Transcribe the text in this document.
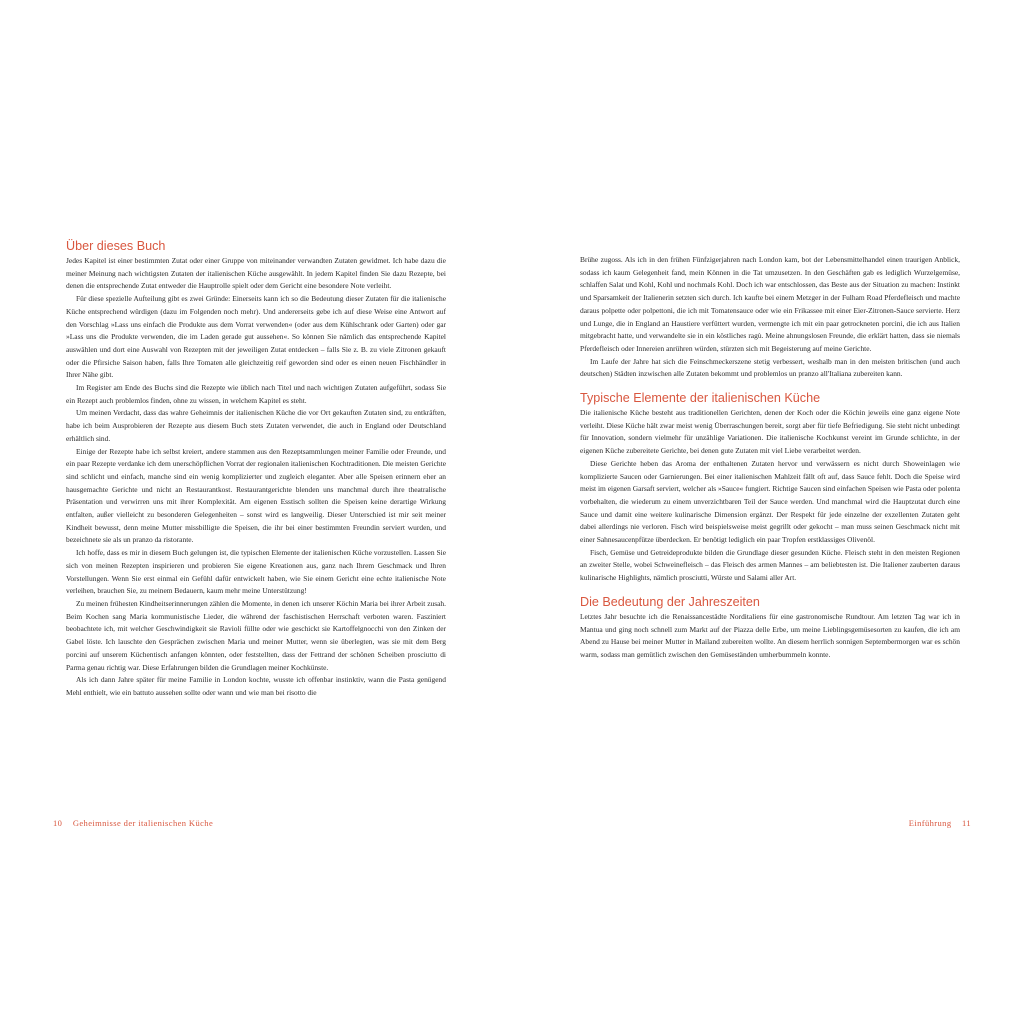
Über dieses Buch

Jedes Kapitel ist einer bestimmten Zutat oder einer Gruppe von miteinander verwandten Zutaten gewidmet. Ich habe dazu die meiner Meinung nach wichtigsten Zutaten der italienischen Küche ausgewählt. In jedem Kapitel finden Sie dazu Rezepte, bei denen die entsprechende Zutat entweder die Hauptrolle spielt oder dem Gericht eine besondere Note verleiht.

Für diese spezielle Aufteilung gibt es zwei Gründe: Einerseits kann ich so die Bedeutung dieser Zutaten für die italienische Küche entsprechend würdigen (dazu im Folgenden noch mehr). Und andererseits gebe ich auf diese Weise eine Antwort auf den Vorschlag »Lass uns einfach die Produkte aus dem Vorrat verwenden« (oder aus dem Kühlschrank oder Garten) oder gar »Lass uns die Produkte verwenden, die im Laden gerade gut aussehen«. So können Sie nämlich das entsprechende Kapitel auswählen und dort eine Auswahl von Rezepten mit der jeweiligen Zutat entdecken – falls Sie z. B. zu viele Zitronen gekauft oder die Pfirsiche Saison haben, falls Ihre Tomaten alle gleichzeitig reif geworden sind oder es einen neuen Fischhändler in Ihrer Nähe gibt.

Im Register am Ende des Buchs sind die Rezepte wie üblich nach Titel und nach wichtigen Zutaten aufgeführt, sodass Sie ein Rezept auch problemlos finden, ohne zu wissen, in welchem Kapitel es steht.

Um meinen Verdacht, dass das wahre Geheimnis der italienischen Küche die vor Ort gekauften Zutaten sind, zu entkräften, habe ich beim Ausprobieren der Rezepte aus diesem Buch stets Zutaten verwendet, die auch in England oder Deutschland erhältlich sind.

Einige der Rezepte habe ich selbst kreiert, andere stammen aus den Rezeptsammlungen meiner Familie oder Freunde, und ein paar Rezepte verdanke ich dem unerschöpflichen Vorrat der regionalen italienischen Kochtraditionen. Die meisten Gerichte sind schlicht und einfach, manche sind ein wenig komplizierter und zugleich eleganter. Aber alle Speisen erinnern eher an hausgemachte Gerichte und nicht an Restaurantkost. Restaurantgerichte blenden uns manchmal durch ihre theatralische Präsentation und verwirren uns mit ihrer Komplexität. Am eigenen Esstisch sollten die Speisen keine derartige Wirkung entfalten, außer vielleicht zu besonderen Gelegenheiten – sonst wird es langweilig. Dieser Unterschied ist mir seit meiner Kindheit bewusst, denn meine Mutter missbilligte die Speisen, die ihr bei einer bestimmten Freundin serviert wurden, und bezeichnete sie als un pranzo da ristorante.

Ich hoffe, dass es mir in diesem Buch gelungen ist, die typischen Elemente der italienischen Küche vorzustellen. Lassen Sie sich von meinen Rezepten inspirieren und probieren Sie eigene Kreationen aus, ganz nach Ihrem Geschmack und Ihren Vorstellungen. Wenn Sie erst einmal ein Gefühl dafür entwickelt haben, wie Sie einem Gericht eine echte italienische Note verleihen, brauchen Sie, zu meinem Bedauern, kaum mehr meine Unterstützung!

Zu meinen frühesten Kindheitserinnerungen zählen die Momente, in denen ich unserer Köchin Maria bei ihrer Arbeit zusah. Beim Kochen sang Maria kommunistische Lieder, die während der faschistischen Herrschaft verboten waren. Fasziniert beobachtete ich, mit welcher Geschwindigkeit sie Ravioli füllte oder wie geschickt sie Kartoffelgnocchi von den Zinken der Gabel löste. Ich lauschte den Gesprächen zwischen Maria und meiner Mutter, wenn sie überlegten, was sie mit dem Berg porcini auf unserem Küchentisch anfangen könnten, oder feststellten, dass der Fettrand der schönen Scheiben prosciutto di Parma genau richtig war. Diese Erfahrungen bilden die Grundlagen meiner Kochkünste.

Als ich dann Jahre später für meine Familie in London kochte, wusste ich offenbar instinktiv, wann die Pasta genügend Mehl enthielt, wie ein battuto aussehen sollte oder wann und wie man bei risotto die

Brühe zugoss. Als ich in den frühen Fünfzigerjahren nach London kam, bot der Lebensmittelhandel einen traurigen Anblick, sodass ich kaum Gelegenheit fand, mein Können in die Tat umzusetzen. In den Geschäften gab es lediglich Wurzelgemüse, schlaffen Salat und Kohl, Kohl und nochmals Kohl. Doch ich war entschlossen, das Beste aus der Situation zu machen: Instinkt und Sparsamkeit der Italienerin setzten sich durch. Ich kaufte bei einem Metzger in der Fulham Road Pferdefleisch und machte daraus polpette oder polpettoni, die ich mit Tomatensauce oder wie ein Frikassee mit einer Eier-Zitronen-Sauce servierte. Herz und Lunge, die in England an Haustiere verfüttert wurden, vermengte ich mit ein paar getrockneten porcini, die ich aus Italien mitgebracht hatte, und verwandelte sie in ein köstliches ragù. Meine ahnungslosen Freunde, die erklärt hatten, dass sie niemals Pferdefleisch oder Innereien anrühren würden, stürzten sich mit Begeisterung auf meine Gerichte.

Im Laufe der Jahre hat sich die Feinschmeckerszene stetig verbessert, weshalb man in den meisten britischen (und auch deutschen) Städten inzwischen alle Zutaten bekommt und problemlos un pranzo all'Italiana zubereiten kann.

Typische Elemente der italienischen Küche

Die italienische Küche besteht aus traditionellen Gerichten, denen der Koch oder die Köchin jeweils eine ganz eigene Note verleiht. Diese Küche hält zwar meist wenig Überraschungen bereit, sorgt aber für tiefe Befriedigung. Sie steht nicht unbedingt für Innovation, sondern vielmehr für unzählige Variationen. Die italienische Kochkunst vereint im Grunde schlichte, in der eigenen Küche zubereitete Gerichte, bei denen gute Zutaten mit viel Liebe verarbeitet werden.

Diese Gerichte heben das Aroma der enthaltenen Zutaten hervor und verwässern es nicht durch Showeinlagen wie komplizierte Saucen oder Garnierungen. Bei einer italienischen Mahlzeit fällt oft auf, dass Sauce fehlt. Doch die Speise wird meist im eigenen Garsaft serviert, welcher als »Sauce« fungiert. Richtige Saucen sind einfachen Speisen wie Pasta oder polenta vorbehalten, die wiederum zu einem unverzichtbaren Teil der Sauce werden. Und manchmal wird die Hauptzutat durch eine Sauce und damit eine weitere kulinarische Dimension ergänzt. Der Respekt für jede einzelne der exzellenten Zutaten geht dabei allerdings nie verloren. Fisch wird beispielsweise meist gegrillt oder gekocht – man muss seinen Geschmack nicht mit einer Sahnesaucenpfütze überdecken. Er benötigt lediglich ein paar Tropfen erstklassiges Olivenöl.

Fisch, Gemüse und Getreideprodukte bilden die Grundlage dieser gesunden Küche. Fleisch steht in den meisten Regionen an zweiter Stelle, wobei Schweinefleisch – das Fleisch des armen Mannes – am beliebtesten ist. Die Italiener zauberten daraus kulinarische Highlights, nämlich prosciutti, Würste und Salami aller Art.

Die Bedeutung der Jahreszeiten

Letztes Jahr besuchte ich die Renaissancestädte Norditaliens für eine gastronomische Rundtour. Am letzten Tag war ich in Mantua und ging noch schnell zum Markt auf der Piazza delle Erbe, um meine Lieblingsgemüsesorten zu kaufen, die ich am Abend zu Hause bei meiner Mutter in Mailand zubereiten wollte. An diesem herrlich sonnigen Septembermorgen war es schön warm, sodass man gemütlich zwischen den Gemüseständen umherbummeln konnte.

10 Geheimnisse der italienischen Küche	Einführung 11
